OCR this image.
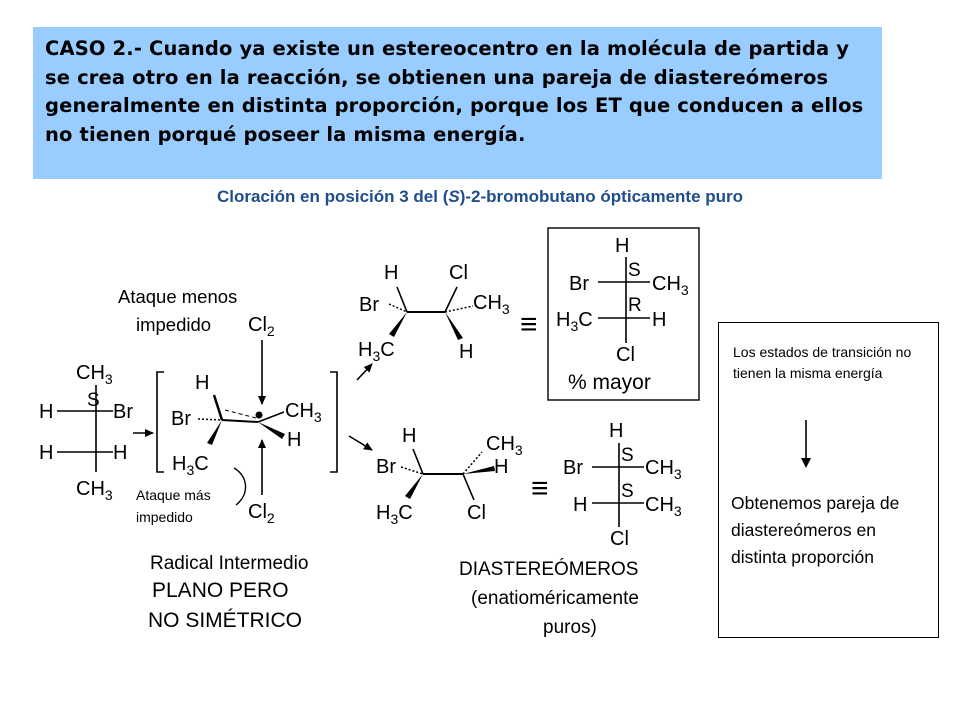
CASO 2.- Cuando ya existe un estereocentro en la molécula de partida y se crea otro en la reacción, se obtienen una pareja de diastereómeros generalmente en distinta proporción, porque los ET que conducen a ellos no tienen porqué poseer la misma energía.

Cloración en posición 3 del (S)-2-bromobutano ópticamente puro
$CH_3$
S
H	Br
H	H
$CH_3$
H
Br
$H_3C$
$CH_3$
H
$Cl_2$
$Cl_2$
Ataque menos
impedido
Ataque más
impedido
Radical Intermedio
PLANO PERO
NO SIMÉTRICO
H	Cl
Br	$CH_3$
$H_3C$	H
≡
H
S
Br	$CH_3$
R
$H_3C$	H
Cl
% mayor
H	$CH_3$
Br	H
$H_3C$	Cl
≡
H
S
Br	$CH_3$
S
H	$CH_3$
Cl
DIASTEREÓMEROS
(enatioméricamente
puros)

Los estados de transición no tienen la misma energía

Obtenemos pareja de diastereómeros en distinta proporción
